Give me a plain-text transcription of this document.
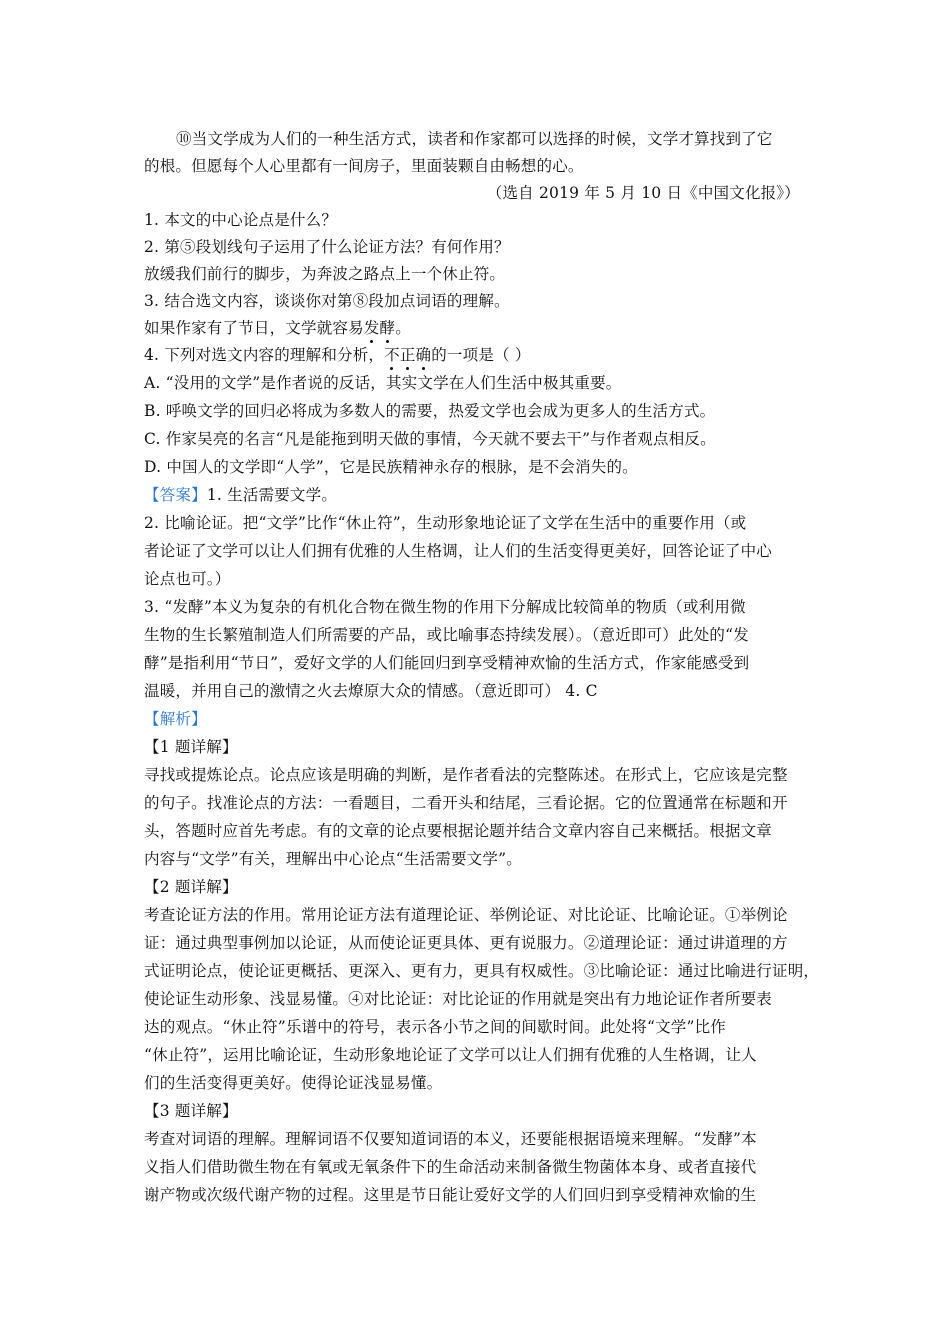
⑩当文学成为人们的一种生活方式，读者和作家都可以选择的时候，文学才算找到了它
的根。但愿每个人心里都有一间房子，里面装颗自由畅想的心。
（选自 2019 年 5 月 10 日《中国文化报》）
1. 本文的中心论点是什么？
2. 第⑤段划线句子运用了什么论证方法？有何作用？
放缓我们前行的脚步，为奔波之路点上一个休止符。
3. 结合选文内容，谈谈你对第⑧段加点词语的理解。
如果作家有了节日，文学就容易发酵。
4. 下列对选文内容的理解和分析，不正确的一项是（ ）
A. “没用的文学”是作者说的反话，其实文学在人们生活中极其重要。
B. 呼唤文学的回归必将成为多数人的需要，热爱文学也会成为更多人的生活方式。
C. 作家吴亮的名言“凡是能拖到明天做的事情，今天就不要去干”与作者观点相反。
D. 中国人的文学即“人学”，它是民族精神永存的根脉，是不会消失的。
【答案】1. 生活需要文学。
2. 比喻论证。把“文学”比作“休止符”，生动形象地论证了文学在生活中的重要作用（或
者论证了文学可以让人们拥有优雅的人生格调，让人们的生活变得更美好，回答论证了中心
论点也可。）
3. “发酵”本义为复杂的有机化合物在微生物的作用下分解成比较简单的物质（或利用微
生物的生长繁殖制造人们所需要的产品，或比喻事态持续发展）。（意近即可）此处的“发
酵”是指利用“节日”，爱好文学的人们能回归到享受精神欢愉的生活方式，作家能感受到
温暖，并用自己的激情之火去燎原大众的情感。（意近即可） 4. C
【解析】
【1 题详解】
寻找或提炼论点。论点应该是明确的判断，是作者看法的完整陈述。在形式上，它应该是完整
的句子。找准论点的方法：一看题目，二看开头和结尾，三看论据。它的位置通常在标题和开
头，答题时应首先考虑。有的文章的论点要根据论题并结合文章内容自己来概括。根据文章
内容与“文学”有关，理解出中心论点“生活需要文学”。
【2 题详解】
考查论证方法的作用。常用论证方法有道理论证、举例论证、对比论证、比喻论证。①举例论
证：通过典型事例加以论证，从而使论证更具体、更有说服力。②道理论证：通过讲道理的方
式证明论点，使论证更概括、更深入、更有力，更具有权威性。③比喻论证：通过比喻进行证明，
使论证生动形象、浅显易懂。④对比论证：对比论证的作用就是突出有力地论证作者所要表
达的观点。“休止符”乐谱中的符号，表示各小节之间的间歇时间。此处将“文学”比作
“休止符”，运用比喻论证，生动形象地论证了文学可以让人们拥有优雅的人生格调，让人
们的生活变得更美好。使得论证浅显易懂。
【3 题详解】
考查对词语的理解。理解词语不仅要知道词语的本义，还要能根据语境来理解。“发酵”本
义指人们借助微生物在有氧或无氧条件下的生命活动来制备微生物菌体本身、或者直接代
谢产物或次级代谢产物的过程。这里是节日能让爱好文学的人们回归到享受精神欢愉的生
